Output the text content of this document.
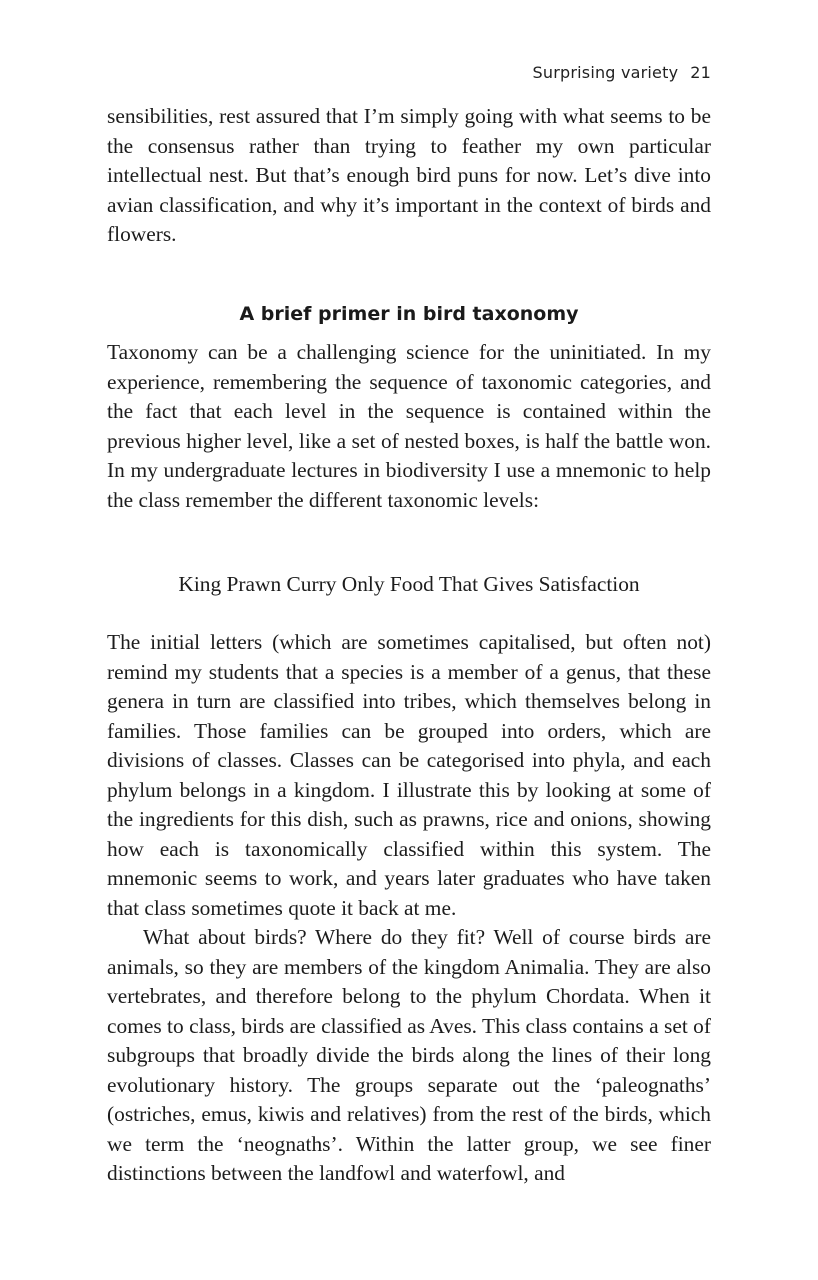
Surprising variety 21

sensibilities, rest assured that I’m simply going with what seems to be the consensus rather than trying to feather my own particular intellectual nest. But that’s enough bird puns for now. Let’s dive into avian classification, and why it’s important in the context of birds and flowers.

A brief primer in bird taxonomy

Taxonomy can be a challenging science for the uninitiated. In my experience, remembering the sequence of taxonomic categories, and the fact that each level in the sequence is contained within the previous higher level, like a set of nested boxes, is half the battle won. In my undergraduate lectures in biodiversity I use a mnemonic to help the class remember the different taxonomic levels:

King Prawn Curry Only Food That Gives Satisfaction

The initial letters (which are sometimes capitalised, but often not) remind my students that a species is a member of a genus, that these genera in turn are classified into tribes, which themselves belong in families. Those families can be grouped into orders, which are divisions of classes. Classes can be categorised into phyla, and each phylum belongs in a kingdom. I illustrate this by looking at some of the ingredients for this dish, such as prawns, rice and onions, showing how each is taxonomically classified within this system. The mnemonic seems to work, and years later graduates who have taken that class sometimes quote it back at me.

What about birds? Where do they fit? Well of course birds are animals, so they are members of the kingdom Animalia. They are also vertebrates, and therefore belong to the phylum Chordata. When it comes to class, birds are classified as Aves. This class contains a set of subgroups that broadly divide the birds along the lines of their long evolutionary history. The groups separate out the ‘paleognaths’ (ostriches, emus, kiwis and relatives) from the rest of the birds, which we term the ‘neognaths’. Within the latter group, we see finer distinctions between the landfowl and waterfowl, and
